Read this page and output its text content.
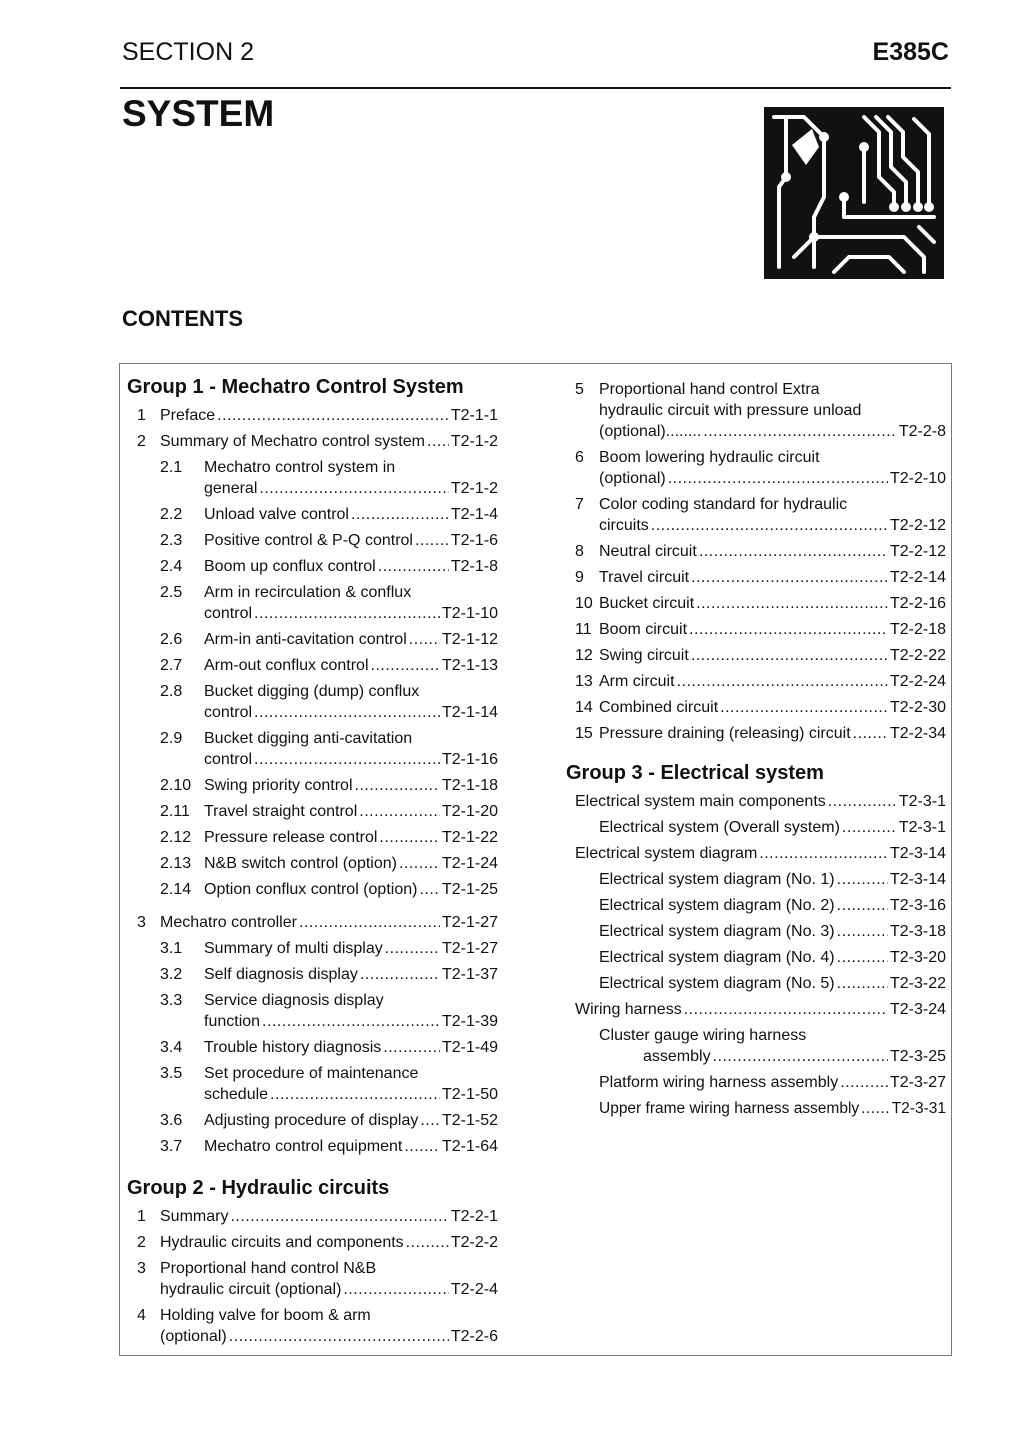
SECTION 2	E385C
SYSTEM
CONTENTS
Group 1 - Mechatro Control System
1 Preface .....	T2-1-1
2 Summary of Mechatro control system ..... T2-1-2
2.1 Mechatro control system in
general .....	T2-1-2
2.2 Unload valve control .....	T2-1-4
2.3 Positive control & P-Q control ..... T2-1-6
2.4 Boom up conflux control .....	T2-1-8
2.5 Arm in recirculation & conflux
control .....	T2-1-10
2.6 Arm-in anti-cavitation control ..... T2-1-12
2.7 Arm-out conflux control .....	T2-1-13
2.8 Bucket digging (dump) conflux
control .....	T2-1-14
2.9 Bucket digging anti-cavitation
control .....	T2-1-16
2.10 Swing priority control .....	T2-1-18
2.11 Travel straight control .....	T2-1-20
2.12 Pressure release control .....	T2-1-22
2.13 N&B switch control (option) .....	T2-1-24
2.14 Option conflux control (option) ..... T2-1-25
3 Mechatro controller .....	T2-1-27
3.1 Summary of multi display .....	T2-1-27
3.2 Self diagnosis display .....	T2-1-37
3.3 Service diagnosis display
function .....	T2-1-39
3.4 Trouble history diagnosis .....	T2-1-49
3.5 Set procedure of maintenance
schedule .....	T2-1-50
3.6 Adjusting procedure of display ..... T2-1-52
3.7 Mechatro control equipment ..... T2-1-64
Group 2 - Hydraulic circuits
1 Summary .....	T2-2-1
2 Hydraulic circuits and components .....	T2-2-2
3 Proportional hand control N&B
hydraulic circuit (optional) .....	T2-2-4
4 Holding valve for boom & arm
(optional) .....	T2-2-6
5 Proportional hand control Extra
hydraulic circuit with pressure unload
(optional)........ .....	T2-2-8
6 Boom lowering hydraulic circuit
(optional) .....	T2-2-10
7 Color coding standard for hydraulic
circuits .....	T2-2-12
8 Neutral circuit .....	T2-2-12
9 Travel circuit .....	T2-2-14
10 Bucket circuit .....	T2-2-16
11 Boom circuit .....	T2-2-18
12 Swing circuit .....	T2-2-22
13 Arm circuit .....	T2-2-24
14 Combined circuit .....	T2-2-30
15 Pressure draining (releasing) circuit ..... T2-2-34
Group 3 - Electrical system
Electrical system main components .....	T2-3-1
Electrical system (Overall system) .....	T2-3-1
Electrical system diagram .....	T2-3-14
Electrical system diagram (No. 1) .....	T2-3-14
Electrical system diagram (No. 2) .....	T2-3-16
Electrical system diagram (No. 3) .....	T2-3-18
Electrical system diagram (No. 4) .....	T2-3-20
Electrical system diagram (No. 5) .....	T2-3-22
Wiring harness .....	T2-3-24
Cluster gauge wiring harness
assembly .....	T2-3-25
Platform wiring harness assembly .....	T2-3-27
Upper frame wiring harness assembly ..... T2-3-31
